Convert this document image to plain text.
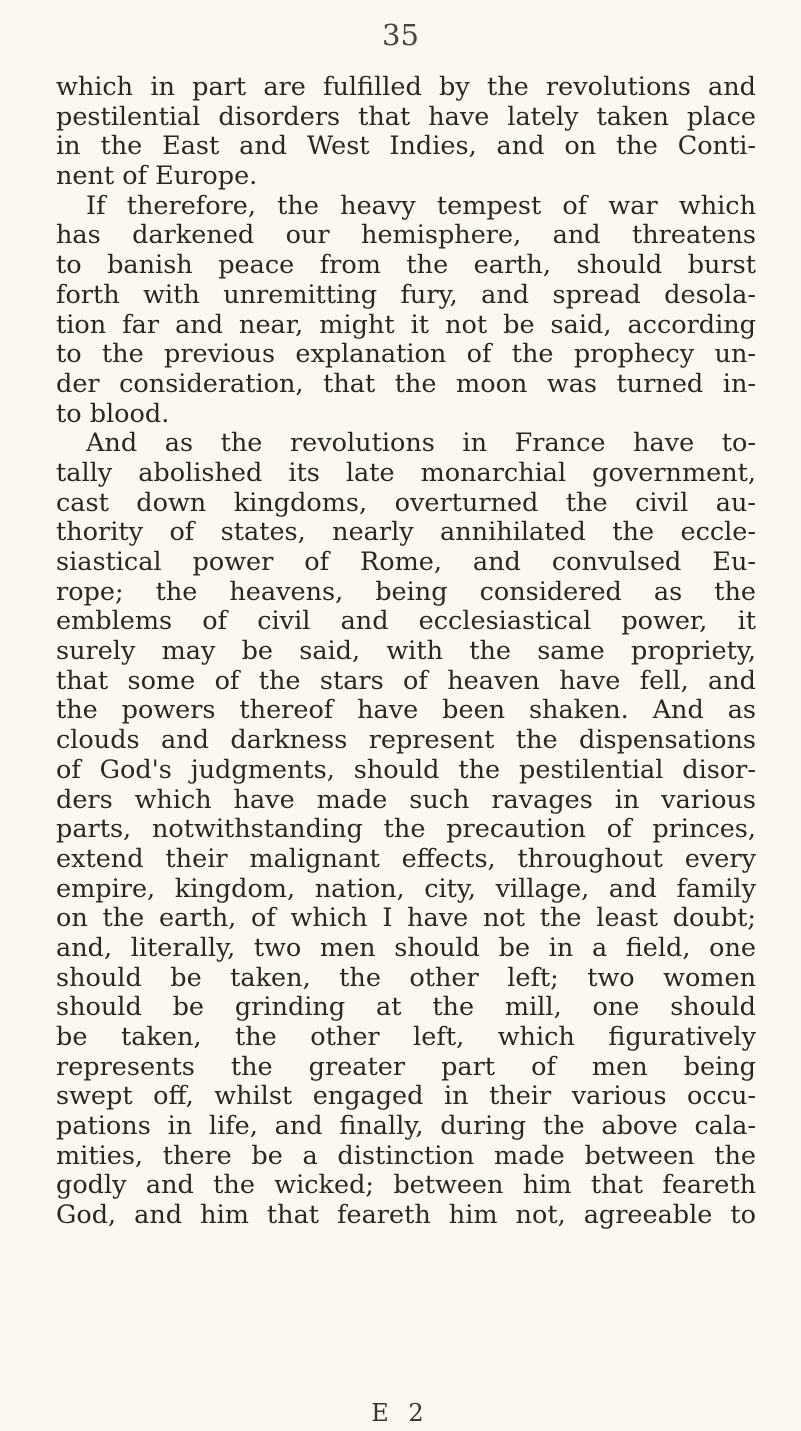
35
which in part are fulfilled by the revolutions and
pestilential disorders that have lately taken place
in the East and West Indies, and on the Conti-
nent of Europe.
If therefore, the heavy tempest of war which
has darkened our hemisphere, and threatens
to banish peace from the earth, should burst
forth with unremitting fury, and spread desola-
tion far and near, might it not be said, according
to the previous explanation of the prophecy un-
der consideration, that the moon was turned in-
to blood.
And as the revolutions in France have to-
tally abolished its late monarchial government,
cast down kingdoms, overturned the civil au-
thority of states, nearly annihilated the eccle-
siastical power of Rome, and convulsed Eu-
rope; the heavens, being considered as the
emblems of civil and ecclesiastical power, it
surely may be said, with the same propriety,
that some of the stars of heaven have fell, and
the powers thereof have been shaken. And as
clouds and darkness represent the dispensations
of God's judgments, should the pestilential disor-
ders which have made such ravages in various
parts, notwithstanding the precaution of princes,
extend their malignant effects, throughout every
empire, kingdom, nation, city, village, and family
on the earth, of which I have not the least doubt;
and, literally, two men should be in a field, one
should be taken, the other left; two women
should be grinding at the mill, one should
be taken, the other left, which figuratively
represents the greater part of men being
swept off, whilst engaged in their various occu-
pations in life, and finally, during the above cala-
mities, there be a distinction made between the
godly and the wicked; between him that feareth
God, and him that feareth him not, agreeable to
E 2
